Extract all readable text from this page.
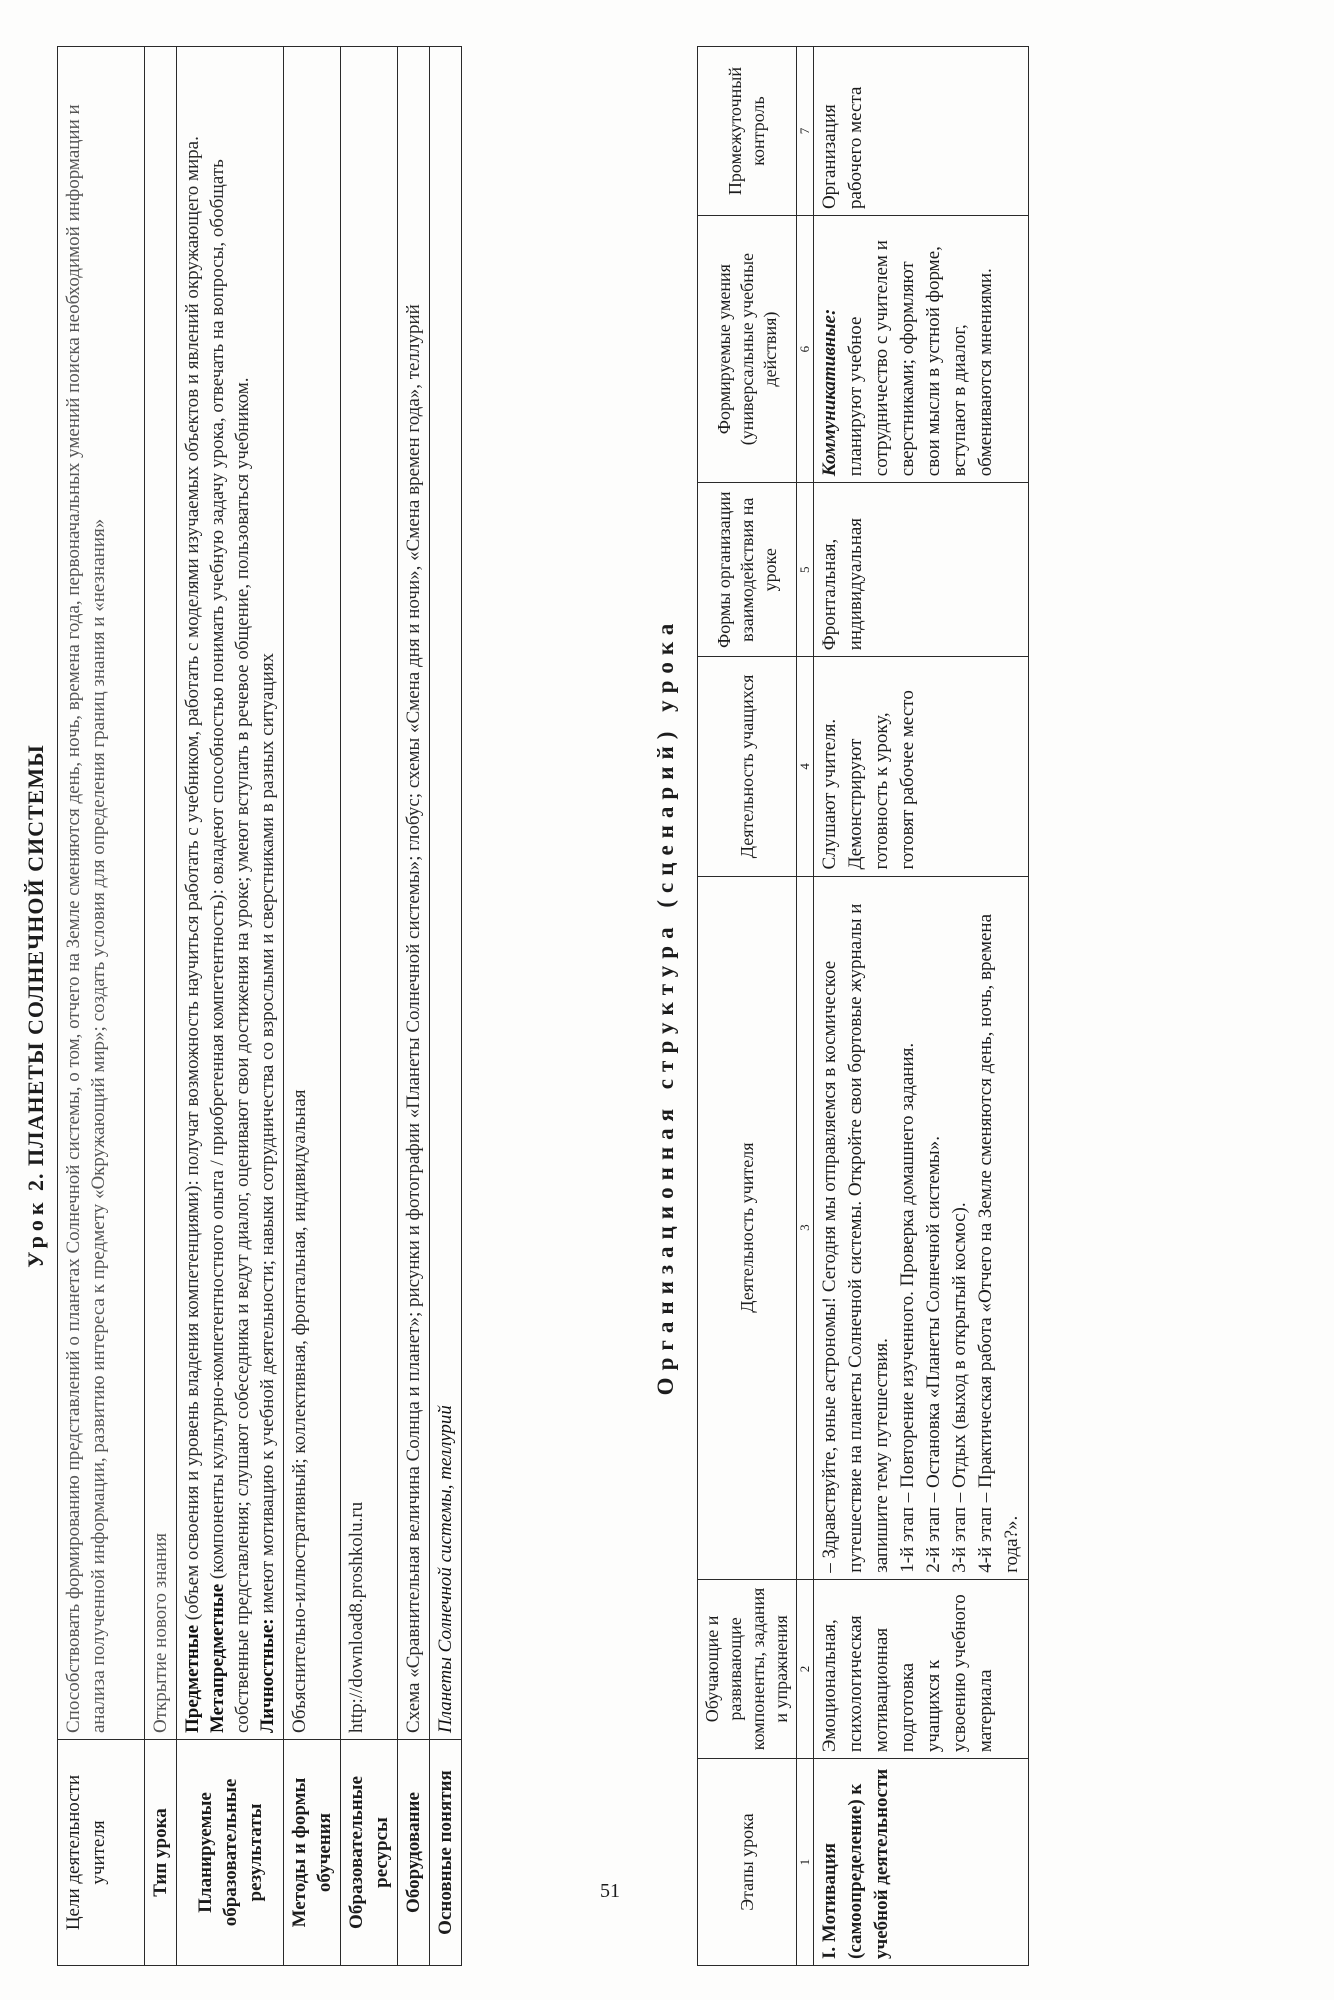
51
Урок 2. ПЛАНЕТЫ СОЛНЕЧНОЙ СИСТЕМЫ
Цели деятельности учителя	Способствовать формированию представлений о планетах Солнечной системы, о том, отчего на Земле сменяются день, ночь, времена года, первоначальных умений поиска необходимой информации и анализа полученной информации, развитию интереса к предмету «Окружающий мир»; создать условия для определения границ знания и «незнания»
Тип урока	Открытие нового знания
Планируемые образовательные результаты	Предметные (объем освоения и уровень владения компетенциями): получат возможность научиться работать с учебником, работать с моделями изучаемых объектов и явлений окружающего мира.
Метапредметные (компоненты культурно-компетентностного опыта / приобретенная компетентность): овладеют способностью понимать учебную задачу урока, отвечать на вопросы, обобщать собственные представления; слушают собеседника и ведут диалог, оценивают свои достижения на уроке; умеют вступать в речевое общение, пользоваться учебником. Личностные: имеют мотивацию к учебной деятельности; навыки сотрудничества со взрослыми и сверстниками в разных ситуациях
Методы и формы обучения	Объяснительно-иллюстративный; коллективная, фронтальная, индивидуальная
Образовательные ресурсы	http://download8.proshkolu.ru
Оборудование	Схема «Сравнительная величина Солнца и планет»; рисунки и фотографии «Планеты Солнечной системы»; глобус; схемы «Смена дня и ночи», «Смена времен года», теллурий
Основные понятия	Планеты Солнечной системы, теллурий
Организационная структура (сценарий) урока
Этапы урока	Обучающие и развивающие компоненты, задания и упражнения	Деятельность учителя	Деятельность учащихся	Формы организации взаимодействия на уроке	Формируемые умения (универсальные учебные действия)	Промежуточный контроль
1	2	3	4	5	6	7
I. Мотивация (самоопределение) к учебной деятельности	Эмоциональная, психологическая мотивационная подготовка учащихся к усвоению учебного материала	– Здравствуйте, юные астрономы! Сегодня мы отправляемся в космическое путешествие на планеты Солнечной системы. Откройте свои бортовые журналы и запишите тему путешествия. 1-й этап – Повторение изученного. Проверка домашнего задания. 2-й этап – Остановка «Планеты Солнечной системы». 3-й этап – Отдых (выход в открытый космос). 4-й этап – Практическая работа «Отчего на Земле сменяются день, ночь, времена года?».	Слушают учителя. Демонстрируют готовность к уроку, готовят рабочее место	Фронтальная, индивидуальная	Коммуникативные: планируют учебное сотрудничество с учителем и сверстниками; оформляют свои мысли в устной форме, вступают в диалог, обмениваются мнениями.	Организация рабочего места
